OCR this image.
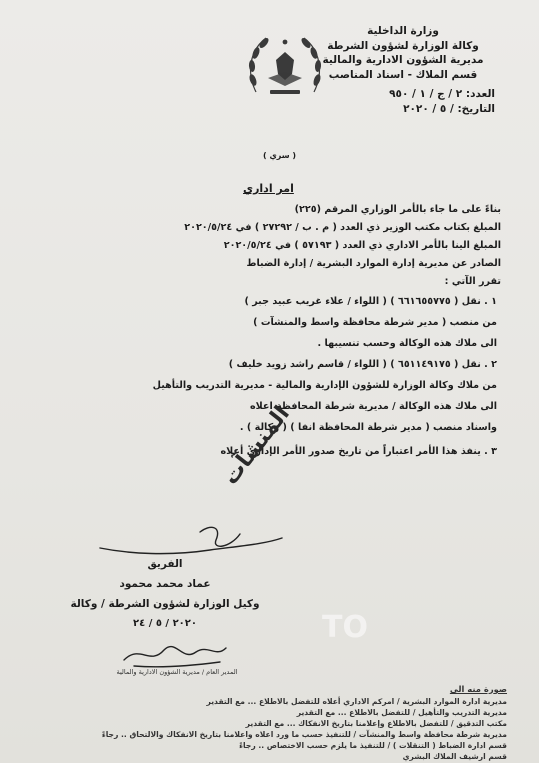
وزارة الداخلية
وكالة الوزارة لشؤون الشرطة
مديرية الشؤون الادارية والمالية
قسم الملاك - اسناد المناصب
العدد: ٢ / ج / ١ / ٩٥٠
التاريخ: / ٥ / ٢٠٢٠
( سري )
امر اداري
بناءً على ما جاء بالأمر الوزاري المرقم (٢٢٥)
المبلغ بكتاب مكتب الوزير ذي العدد ( م . ب / ٢٧٢٩٢ ) في ٢٠٢٠/٥/٢٤
المبلغ الينا بالأمر الاداري ذي العدد ( ٥٧١٩٣ ) في ٢٠٢٠/٥/٢٤
الصادر عن مديرية إدارة الموارد البشرية / إدارة الضباط
تقرر الآتي :
١ . نقل ( ٦٦١٦٥٥٧٧٥ ) ( اللواء / علاء غريب عبيد جبر )
من منصب ( مدير شرطة محافظة واسط والمنشآت )
الى ملاك هذه الوكالة وحسب تنسيبها .
٢ . نقل ( ٦٥١١٤٩١٧٥ ) ( اللواء / قاسم راشد زويد خليف )
من ملاك وكالة الوزارة للشؤون الإدارية والمالية - مديرية التدريب والتأهيل
الى ملاك هذه الوكالة / مديرية شرطة المحافظة اعلاه
واسناد منصب ( مدير شرطة المحافظة انفا ) ( وكالة ) .
٣ . ينفذ هذا الأمر اعتباراً من تاريخ صدور الأمر الإداري أعلاه
المنشآت
الفريق
عماد محمد محمود
وكيل الوزارة لشؤون الشرطة / وكالة
٢٠٢٠ / ٥ / ٢٤
المدير العام / مديرية الشؤون الادارية والمالية
TO
صورة منه الى
مديرية ادارة الموارد البشرية / امركم الاداري أعلاه للتفضل بالاطلاع ... مع التقدير
مديرية التدريب والتأهيل / للتفضل بالاطلاع ... مع التقدير
مكتب التدقيق / للتفضل بالاطلاع وإعلامنا بتاريخ الانفكاك ... مع التقدير
مديرية شرطة محافظة واسط والمنشآت / للتنفيذ حسب ما ورد اعلاه واعلامنا بتاريخ الانفكاك والالتحاق .. رجاءً
قسم ادارة الضباط ( التنقلات ) / للتنفيذ ما يلزم حسب الاختصاص .. رجاءً
قسم ارشيف الملاك البشري
